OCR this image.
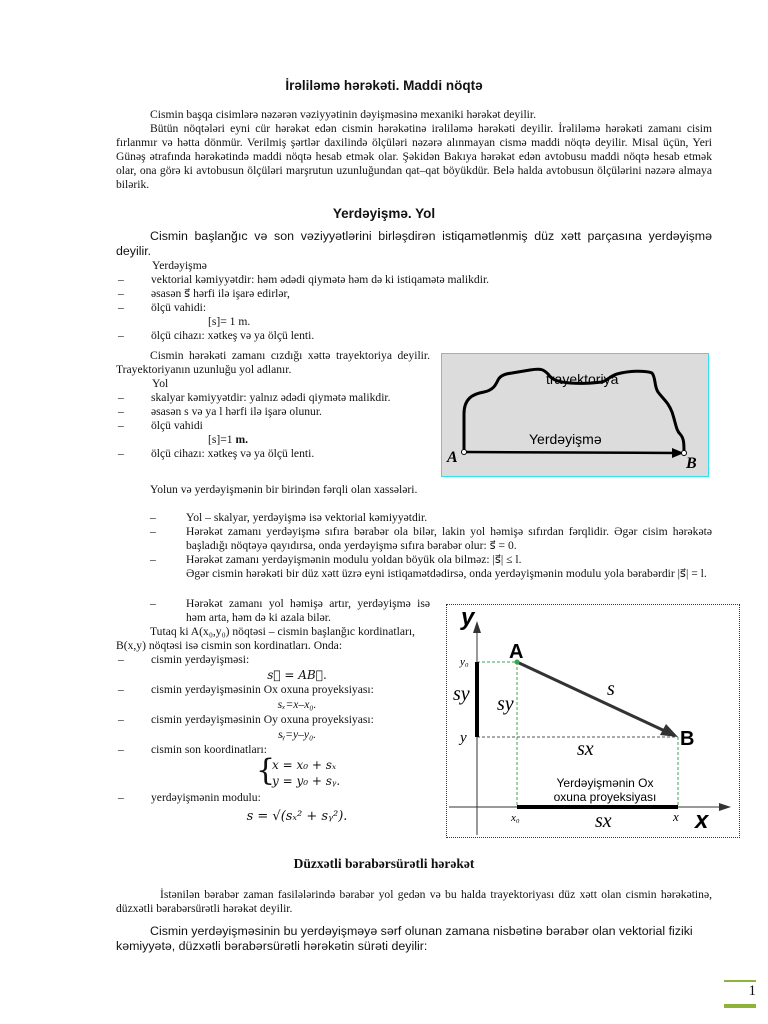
İrəliləmə hərəkəti. Maddi nöqtə
Cismin başqa cisimlərə nəzərən vəziyyətinin dəyişməsinə mexaniki hərəkət deyilir.
Bütün nöqtələri eyni cür hərəkət edən cismin hərəkətinə irəliləmə hərəkəti deyilir. İrəliləmə hərəkəti zamanı cisim fırlanmır və hətta dönmür. Verilmiş şərtlər daxilində ölçüləri nəzərə alınmayan cismə maddi nöqtə deyilir. Misal üçün, Yeri Günəş ətrafında hərəkətində maddi nöqtə hesab etmək olar. Şəkidən Bakıya hərəkət edən avtobusu maddi nöqtə hesab etmək olar, ona görə ki avtobusun ölçüləri marşrutun uzunluğundan qat–qat böyükdür. Belə halda avtobusun ölçülərini nəzərə almaya bilərik.
Yerdəyişmə. Yol
Cismin başlanğıc və son vəziyyətlərini birləşdirən istiqamətlənmiş düz xətt parçasına yerdəyişmə deyilir.
Yerdəyişmə
– vektorial kəmiyyətdir: həm ədədi qiymətə həm də ki istiqamətə malikdir.
– əsasən s⃗ hərfi ilə işarə edirlər,
– ölçü vahidi:
[s]= 1 m.
– ölçü cihazı: xətkeş və ya ölçü lenti.
Cismin hərəkəti zamanı cızdığı xəttə trayektoriya deyilir. Trayektoriyanın uzunluğu yol adlanır.
Yol
– skalyar kəmiyyətdir: yalnız ədədi qiymətə malikdir.
– əsasən s və ya l hərfi ilə işarə olunur.
– ölçü vahidi
[s]=1 m.
– ölçü cihazı: xətkeş və ya ölçü lenti.
trayektoriya
Yerdəyişmə
A	B
Yolun və yerdəyişmənin bir birindən fərqli olan xassələri.
–	Yol – skalyar, yerdəyişmə isə vektorial kəmiyyətdir.
–	Hərəkət zamanı yerdəyişmə sıfıra bərabər ola bilər, lakin yol həmişə sıfırdan fərqlidir. Əgər cisim hərəkətə başladığı nöqtəyə qayıdırsa, onda yerdəyişmə sıfıra bərabər olur: s⃗ = 0.
–	Hərəkət zamanı yerdəyişmənin modulu yoldan böyük ola bilməz: |s⃗| ≤ l.
Əgər cismin hərəkəti bir düz xətt üzrə eyni istiqamətdədirsə, onda yerdəyişmənin modulu yola bərabərdir |s⃗| = l.
–	Hərəkət zamanı yol həmişə artır, yerdəyişmə isə həm arta, həm də ki azala bilər.
Tutaq ki A(x₀,y₀) nöqtəsi – cismin başlanğıc kordinatları, B(x,y) nöqtəsi isə cismin son kordinatları. Onda:
– cismin yerdəyişməsi:
s⃗ = AB⃗.
– cismin yerdəyişməsinin Ox oxuna proyeksiyası:
sₓ=x–x₀.
– cismin yerdəyişməsinin Oy oxuna proyeksiyası:
sᵧ=y–y₀.
– cismin son koordinatları:
{
x = x₀ + sₓ
y = y₀ + sᵧ.
– yerdəyişmənin modulu:
s = √(sₓ² + sᵧ²).
y
x
A
B
y₀
y
x₀	x
sy sy
sx
sx
s⃗
Yerdəyişmənin Ox
oxuna proyeksiyası
Düzxətli bərabərsürətli hərəkət
İstənilən bərabər zaman fasilələrində bərabər yol gedən və bu halda trayektoriyası düz xətt olan cismin hərəkətinə, düzxətli bərabərsürətli hərəkət deyilir.
Cismin yerdəyişməsinin bu yerdəyişməyə sərf olunan zamana nisbətinə bərabər olan vektorial fiziki kəmiyyətə, düzxətli bərabərsürətli hərəkətin sürəti deyilir:
1
